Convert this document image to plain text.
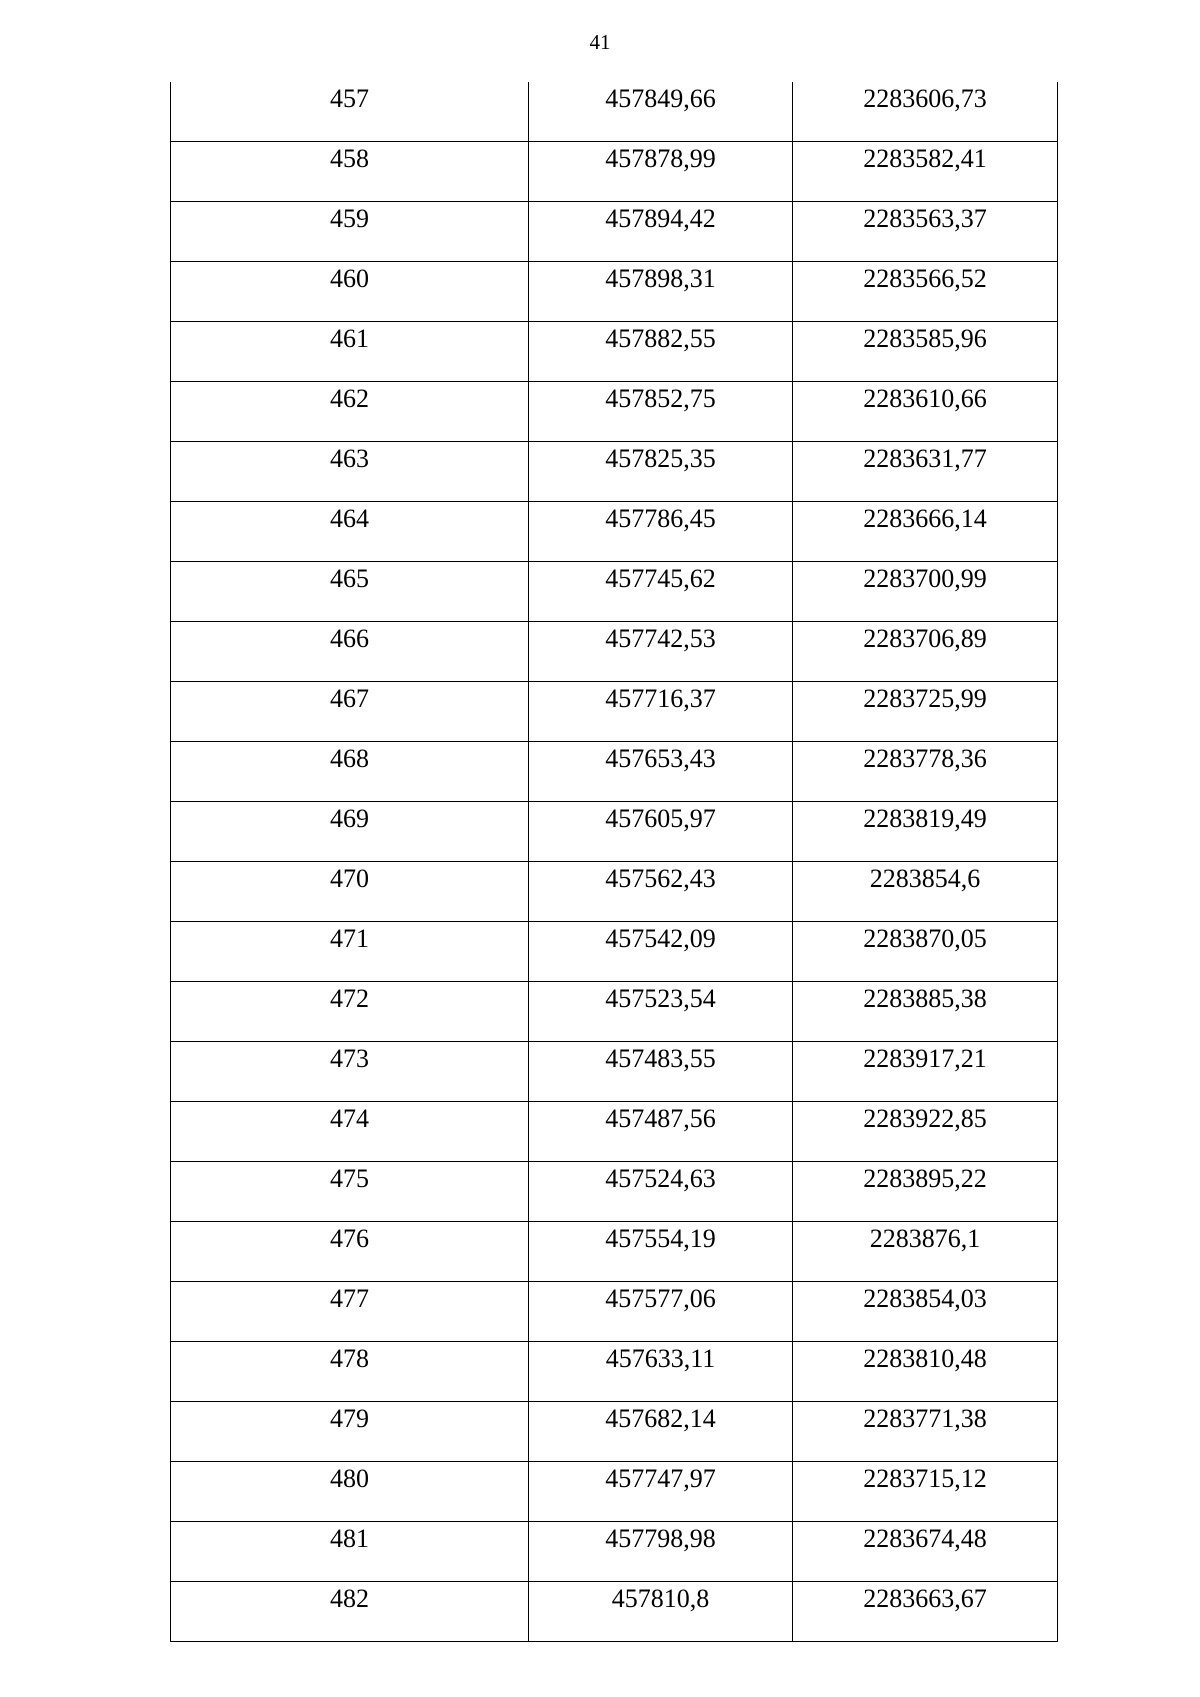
41
457	457849,66	2283606,73
458	457878,99	2283582,41
459	457894,42	2283563,37
460	457898,31	2283566,52
461	457882,55	2283585,96
462	457852,75	2283610,66
463	457825,35	2283631,77
464	457786,45	2283666,14
465	457745,62	2283700,99
466	457742,53	2283706,89
467	457716,37	2283725,99
468	457653,43	2283778,36
469	457605,97	2283819,49
470	457562,43	2283854,6
471	457542,09	2283870,05
472	457523,54	2283885,38
473	457483,55	2283917,21
474	457487,56	2283922,85
475	457524,63	2283895,22
476	457554,19	2283876,1
477	457577,06	2283854,03
478	457633,11	2283810,48
479	457682,14	2283771,38
480	457747,97	2283715,12
481	457798,98	2283674,48
482	457810,8	2283663,67
